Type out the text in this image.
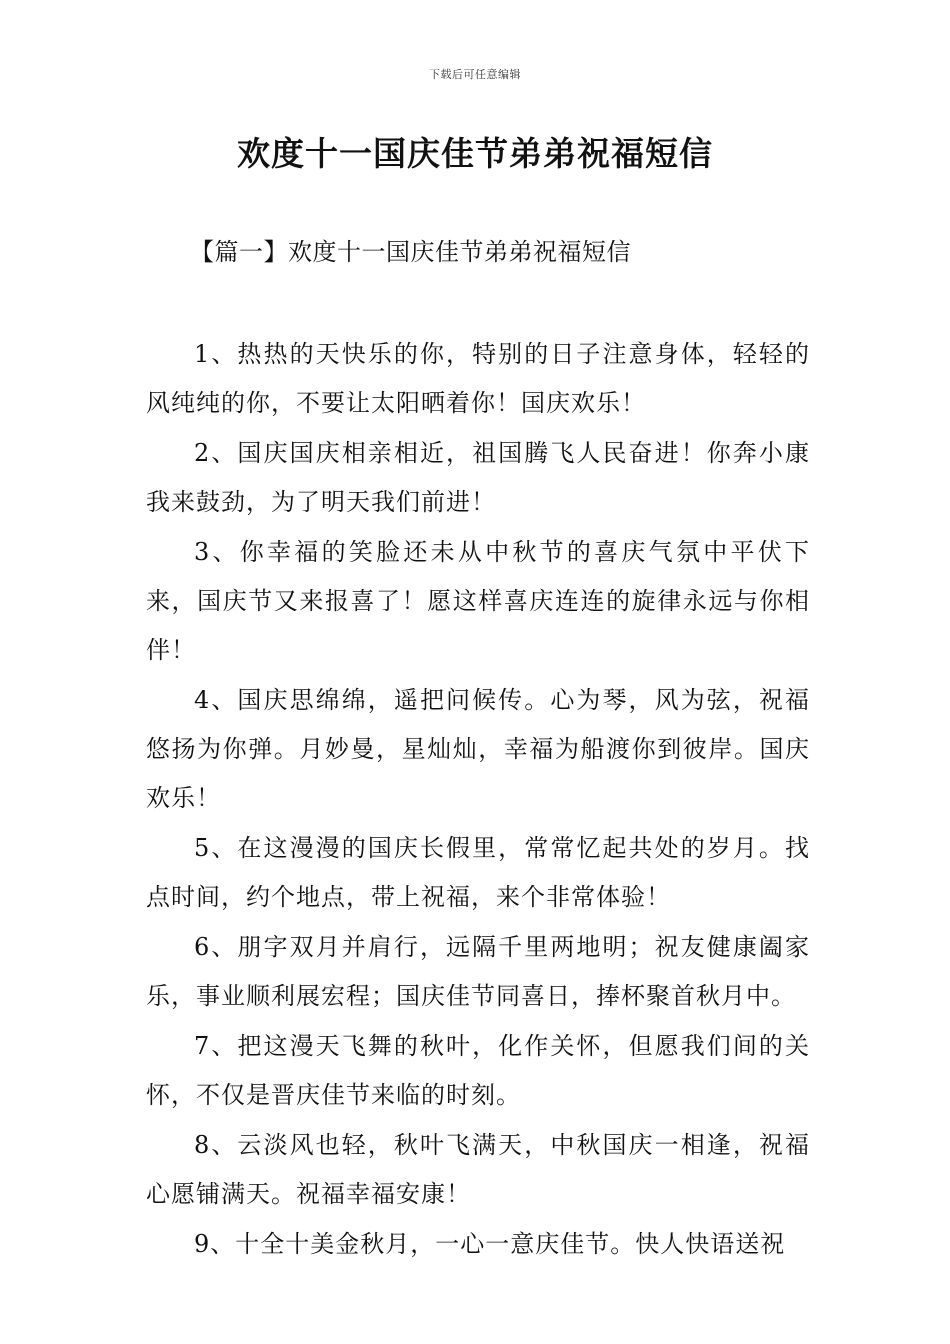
下载后可任意编辑
欢度十一国庆佳节弟弟祝福短信
【篇一】欢度十一国庆佳节弟弟祝福短信

1、热热的天快乐的你，特别的日子注意身体，轻轻的风纯纯的你，不要让太阳晒着你！国庆欢乐！

2、国庆国庆相亲相近，祖国腾飞人民奋进！你奔小康我来鼓劲，为了明天我们前进！

3、你幸福的笑脸还未从中秋节的喜庆气氛中平伏下来，国庆节又来报喜了！愿这样喜庆连连的旋律永远与你相伴！

4、国庆思绵绵，遥把问候传。心为琴，风为弦，祝福悠扬为你弹。月妙曼，星灿灿，幸福为船渡你到彼岸。国庆欢乐！

5、在这漫漫的国庆长假里，常常忆起共处的岁月。找点时间，约个地点，带上祝福，来个非常体验！

6、朋字双月并肩行，远隔千里两地明；祝友健康阖家乐，事业顺利展宏程；国庆佳节同喜日，捧杯聚首秋月中。

7、把这漫天飞舞的秋叶，化作关怀，但愿我们间的关怀，不仅是晋庆佳节来临的时刻。

8、云淡风也轻，秋叶飞满天，中秋国庆一相逢，祝福心愿铺满天。祝福幸福安康！

9、十全十美金秋月，一心一意庆佳节。快人快语送祝
